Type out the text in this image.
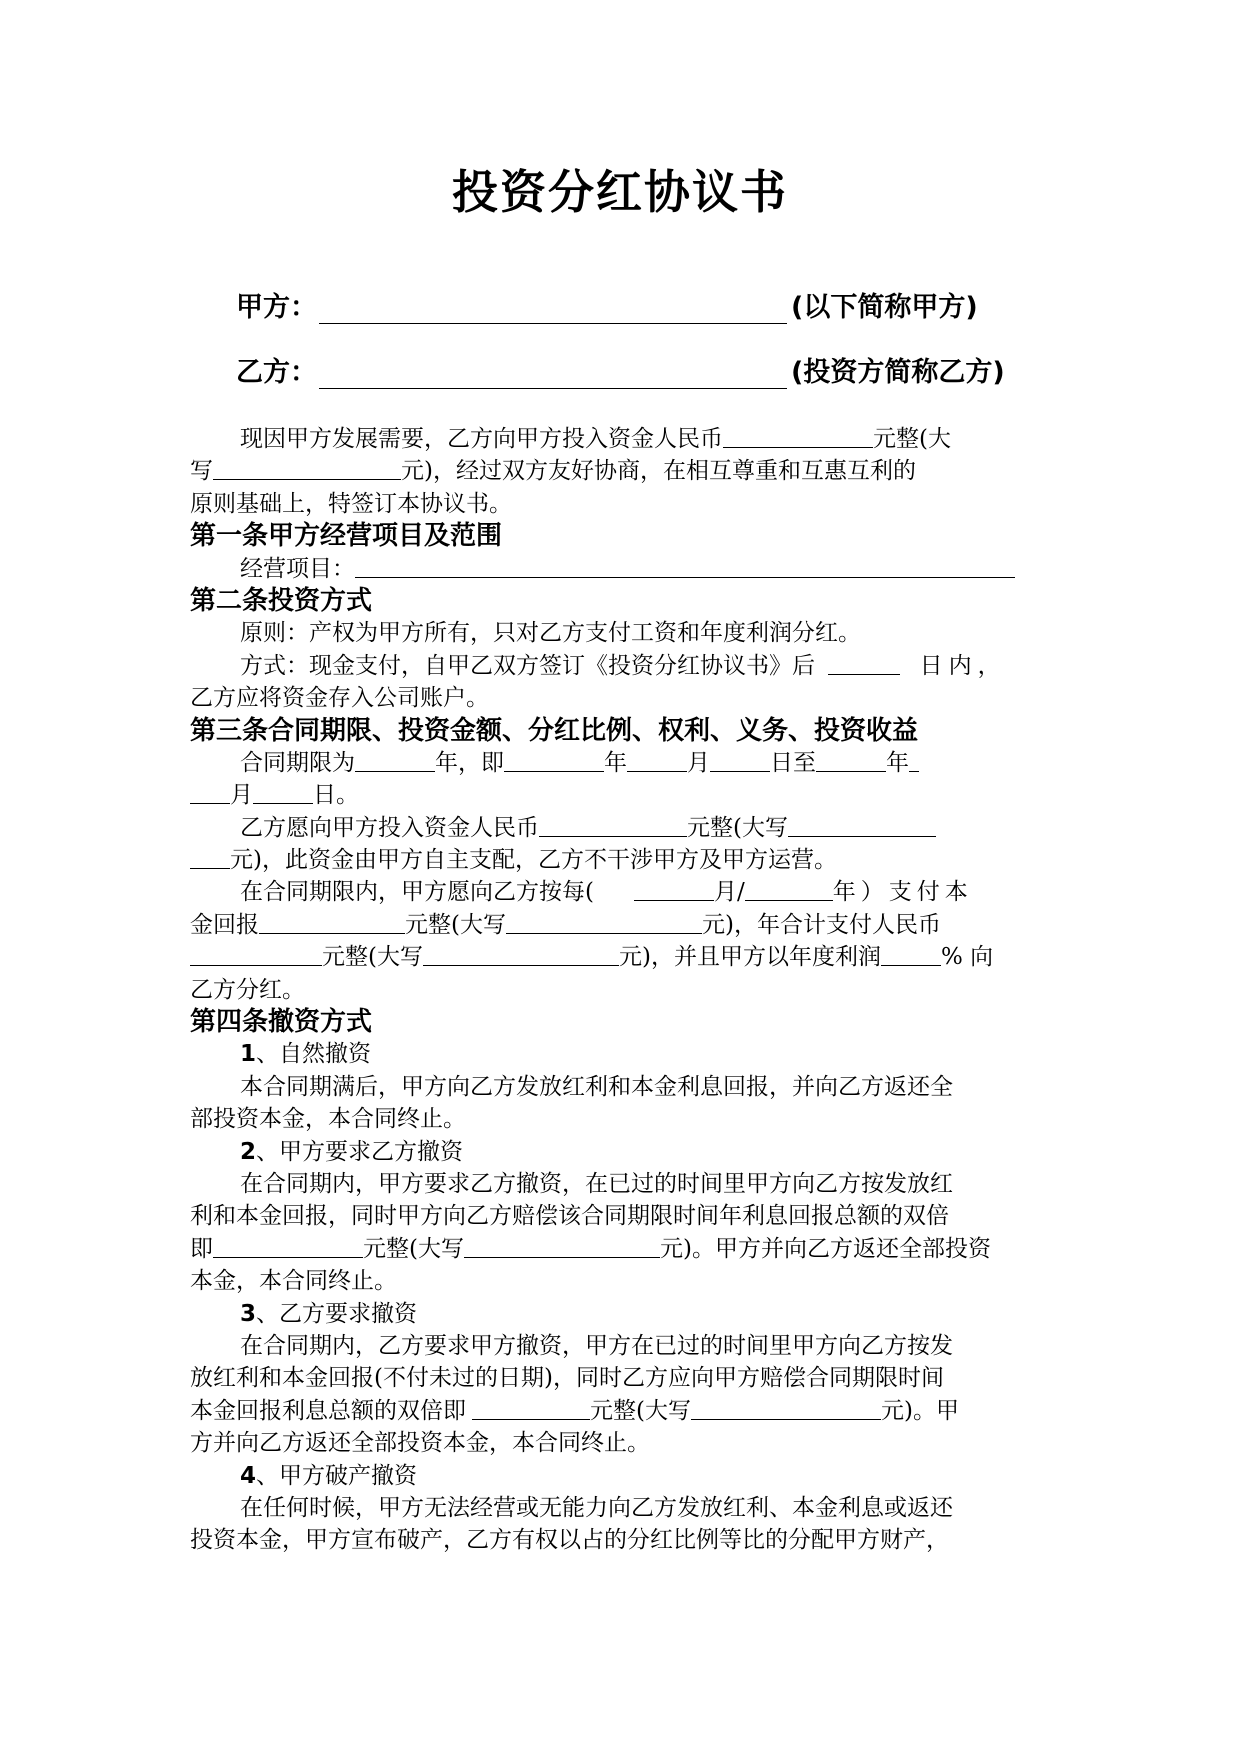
投资分红协议书
甲方：	(以下简称甲方)
乙方：	(投资方简称乙方)
现因甲方发展需要，乙方向甲方投入资金人民币	元整(大
写	元)，经过双方友好协商，在相互尊重和互惠互利的
原则基础上，特签订本协议书。
第一条甲方经营项目及范围
经营项目：
第二条投资方式
原则：产权为甲方所有，只对乙方支付工资和年度利润分红。
方式：现金支付，自甲乙双方签订《投资分红协议书》后	日内，
乙方应将资金存入公司账户。
第三条合同期限、投资金额、分红比例、权利、义务、投资收益
合同期限为	年，即	年	月	日至	年
月	日。
乙方愿向甲方投入资金人民币	元整(大写
元)，此资金由甲方自主支配，乙方不干涉甲方及甲方运营。
在合同期限内，甲方愿向乙方按每(	月/	年）支付本
金回报	元整(大写	元)，年合计支付人民币
元整(大写	元)，并且甲方以年度利润	% 向
乙方分红。
第四条撤资方式
1、自然撤资
本合同期满后，甲方向乙方发放红利和本金利息回报，并向乙方返还全
部投资本金，本合同终止。
2、甲方要求乙方撤资
在合同期内，甲方要求乙方撤资，在已过的时间里甲方向乙方按发放红
利和本金回报，同时甲方向乙方赔偿该合同期限时间年利息回报总额的双倍
即	元整(大写	元)。甲方并向乙方返还全部投资
本金，本合同终止。
3、乙方要求撤资
在合同期内，乙方要求甲方撤资，甲方在已过的时间里甲方向乙方按发
放红利和本金回报(不付未过的日期)，同时乙方应向甲方赔偿合同期限时间
本金回报利息总额的双倍即	元整(大写	元)。甲
方并向乙方返还全部投资本金，本合同终止。
4、甲方破产撤资
在任何时候，甲方无法经营或无能力向乙方发放红利、本金利息或返还
投资本金，甲方宣布破产，乙方有权以占的分红比例等比的分配甲方财产，
